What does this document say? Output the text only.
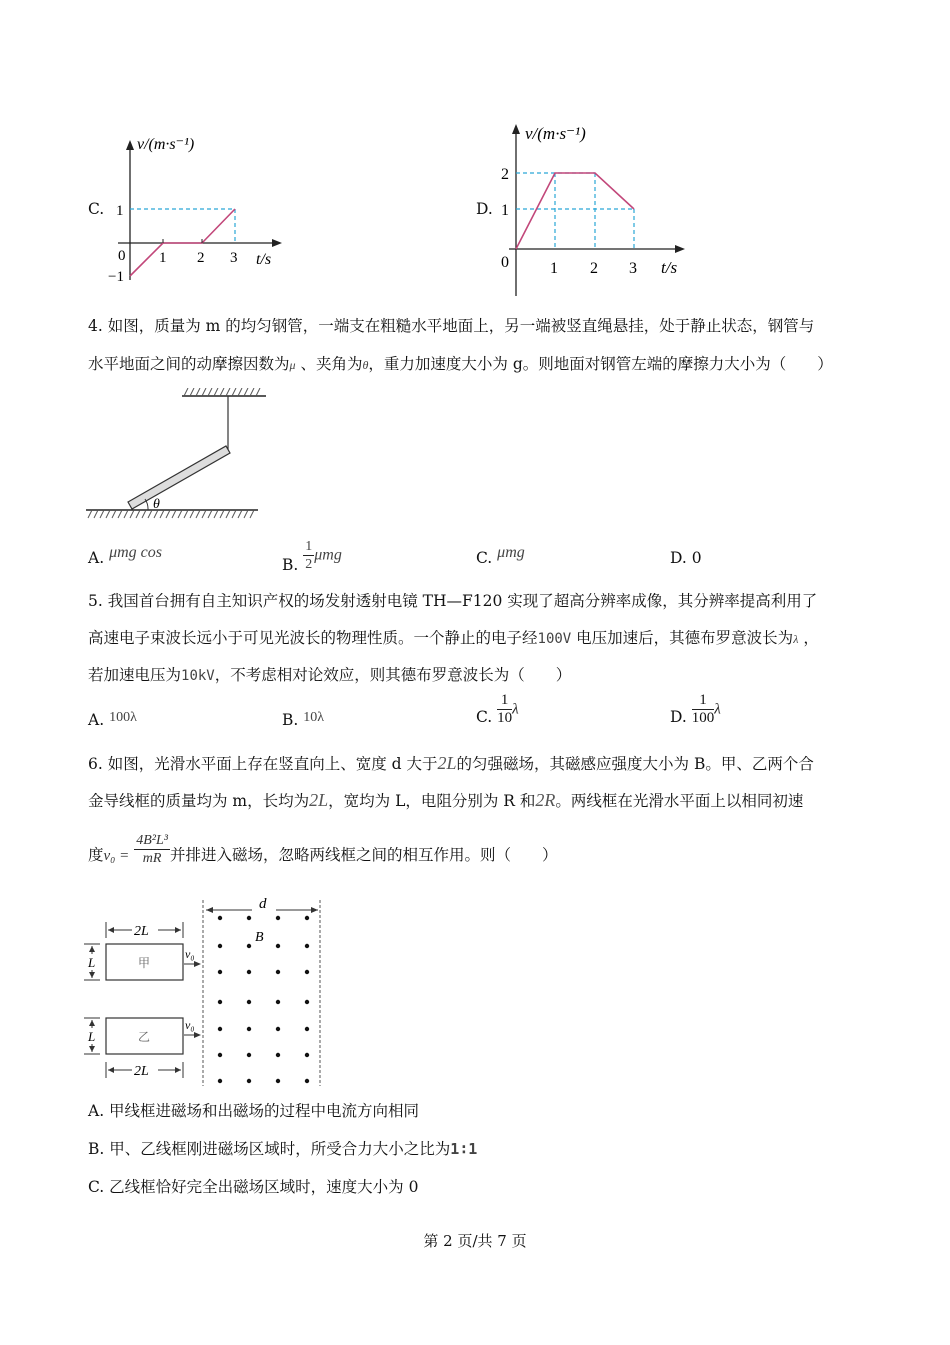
C.
v/(m·s⁻¹)
0 1 2 3 t/s
1
−1
D.
v/(m·s⁻¹)
2
1
0	1 2 3 t/s
4. 如图，质量为 m 的均匀钢管，一端支在粗糙水平地面上，另一端被竖直绳悬挂，处于静止状态，钢管与
水平地面之间的动摩擦因数为μ 、夹角为θ，重力加速度大小为 g。则地面对钢管左端的摩擦力大小为（　　）
θ
A. μmg cos
B. $\frac{1}{2}$ μmg	C. μmg	D. 0
5. 我国首台拥有自主知识产权的场发射透射电镜 TH—F120 实现了超高分辨率成像，其分辨率提高利用了
高速电子束波长远小于可见光波长的物理性质。一个静止的电子经100V 电压加速后，其德布罗意波长为λ ，
若加速电压为10kV，不考虑相对论效应，则其德布罗意波长为（　　）
A. 100λ	B. 10λ	C. $\frac{1}{10}$ λ	D. $\frac{1}{100}$ λ
6. 如图，光滑水平面上存在竖直向上、宽度 d 大于2L的匀强磁场，其磁感应强度大小为 B。甲、乙两个合
金导线框的质量均为 m，长均为2L，宽均为 L，电阻分别为 R 和2R。两线框在光滑水平面上以相同初速
度$v_0 = \frac{\text{4B²L³}}{mR}$ 并排进入磁场，忽略两线框之间的相互作用。则（　　）
d
B
2L
甲
L
v₀
乙
L
v₀
2L
A. 甲线框进磁场和出磁场的过程中电流方向相同
B. 甲、乙线框刚进磁场区域时，所受合力大小之比为1∶1
C. 乙线框恰好完全出磁场区域时，速度大小为 0
第 2 页/共 7 页
